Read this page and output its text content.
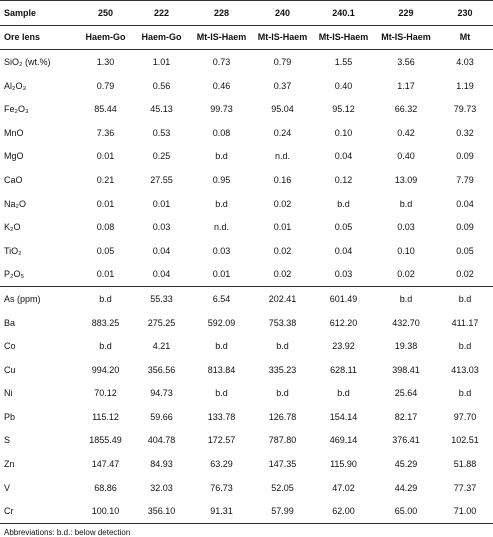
Sample	250	222	228	240	240.1	229	230
Ore lens	Haem-Go	Haem-Go	Mt-IS-Haem	Mt-IS-Haem	Mt-IS-Haem	Mt-IS-Haem	Mt
SiO₂ (wt.%)	1.30	1.01	0.73	0.79	1.55	3.56	4.03
Al₂O₃	0.79	0.56	0.46	0.37	0.40	1.17	1.19
Fe₂O₃	85.44	45.13	99.73	95.04	95.12	66.32	79.73
MnO	7.36	0.53	0.08	0.24	0.10	0.42	0.32
MgO	0.01	0.25	b.d	n.d.	0.04	0.40	0.09
CaO	0.21	27.55	0.95	0.16	0.12	13.09	7.79
Na₂O	0.01	0.01	b.d	0.02	b.d	b.d	0.04
K₂O	0.08	0.03	n.d.	0.01	0.05	0.03	0.09
TiO₂	0.05	0.04	0.03	0.02	0.04	0.10	0.05
P₂O₅	0.01	0.04	0.01	0.02	0.03	0.02	0.02
As (ppm)	b.d	55.33	6.54	202.41	601.49	b.d	b.d
Ba	883.25	275.25	592.09	753.38	612.20	432.70	411.17
Co	b.d	4.21	b.d	b.d	23.92	19.38	b.d
Cu	994.20	356.56	813.84	335.23	628.11	398.41	413.03
Ni	70.12	94.73	b.d	b.d	b.d	25.64	b.d
Pb	115.12	59.66	133.78	126.78	154.14	82.17	97.70
S	1855.49	404.78	172.57	787.80	469.14	376.41	102.51
Zn	147.47	84.93	63.29	147.35	115.90	45.29	51.88
V	68.86	32.03	76.73	52.05	47.02	44.29	77.37
Cr	100.10	356.10	91.31	57.99	62.00	65.00	71.00
Abbreviations: b.d.: below detection
